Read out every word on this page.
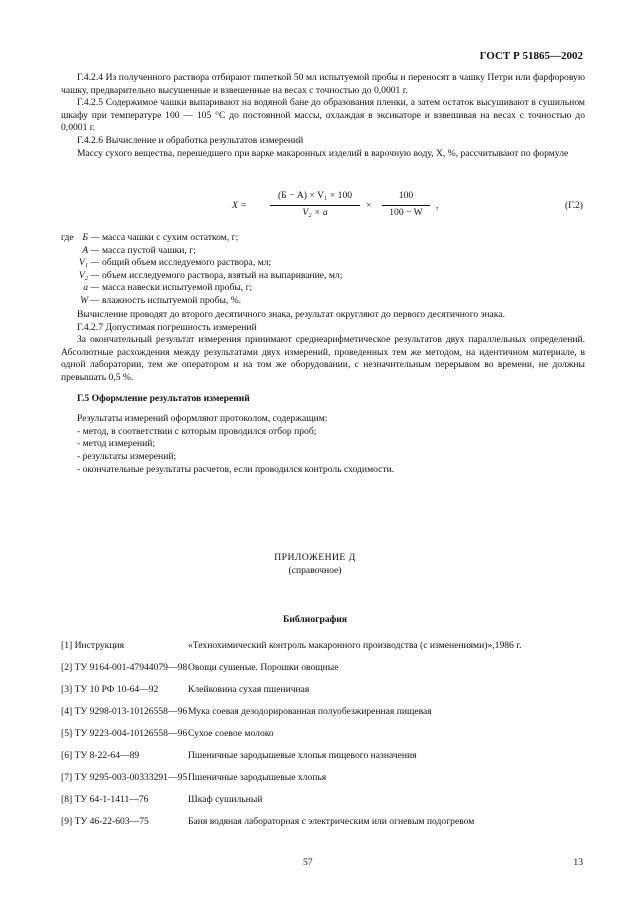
ГОСТ Р 51865—2002

Г.4.2.4 Из полученного раствора отбирают пипеткой 50 мл испытуемой пробы и переносят в чашку Петри или фарфоровую чашку, предварительно высушенные и взвешенные на весах с точностью до 0,0001 г.

Г.4.2.5 Содержимое чашки выпаривают на водяной бане до образования пленки, а затем остаток высушивают в сушильном шкафу при температуре 100 — 105 °С до постоянной массы, охлаждая в эксикаторе и взвешивая на весах с точностью до 0,0001 г.

Г.4.2.6 Вычисление и обработка результатов измерений

Массу сухого вещества, перешедшего при варке макаронных изделий в варочную воду, X, %, рассчитывают по формуле

X =
(Б − А) × V₁ × 100
V₂ × а
×
100
100 − W
,	(Г.2)
где Б — масса чашки с сухим остатком, г;
А — масса пустой чашки, г;
V₁ — общий объем исследуемого раствора, мл;
V₂ — объем исследуемого раствора, взятый на выпаривание, мл;
а — масса навески испытуемой пробы, г;
W — влажность испытуемой пробы, %.

Вычисление проводят до второго десятичного знака, результат округляют до первого десятичного знака.

Г.4.2.7 Допустимая погрешность измерений

За окончательный результат измерения принимают среднеарифметическое результатов двух параллельных определений. Абсолютные расхождения между результатами двух измерений, проведенных тем же методом, на идентичном материале, в одной лаборатории, тем же оператором и на том же оборудовании, с незначительным перерывом во времени, не должны превышать 0,5 %.

Г.5 Оформление результатов измерений

Результаты измерений оформляют протоколом, содержащим:

- метод, в соответствии с которым проводился отбор проб;

- метод измерений;

- результаты измерений;

- окончательные результаты расчетов, если проводился контроль сходимости.

ПРИЛОЖЕНИЕ Д
(справочное)
Библиография
[1] Инструкция	«Технохимический контроль макаронного производства (с изменениями)»,1986 г.
[2] ТУ 9164-001-47944079—98 Овощи сушеные. Порошки овощные
[3] ТУ 10 РФ 10-64—92	Клейковина сухая пшеничная
[4] ТУ 9298-013-10126558—96 Мука соевая дезодорированная полуобезжиренная пищевая
[5] ТУ 9223-004-10126558—96 Сухое соевое молоко
[6] ТУ 8-22-64—89	Пшеничные зародышевые хлопья пищевого назначения
[7] ТУ 9295-003-00333291—95 Пшеничные зародышевые хлопья
[8] ТУ 64-1-1411—76	Шкаф сушильный
[9] ТУ 46-22-603—75	Баня водяная лабораторная с электрическим или огневым подогревом
57	13
